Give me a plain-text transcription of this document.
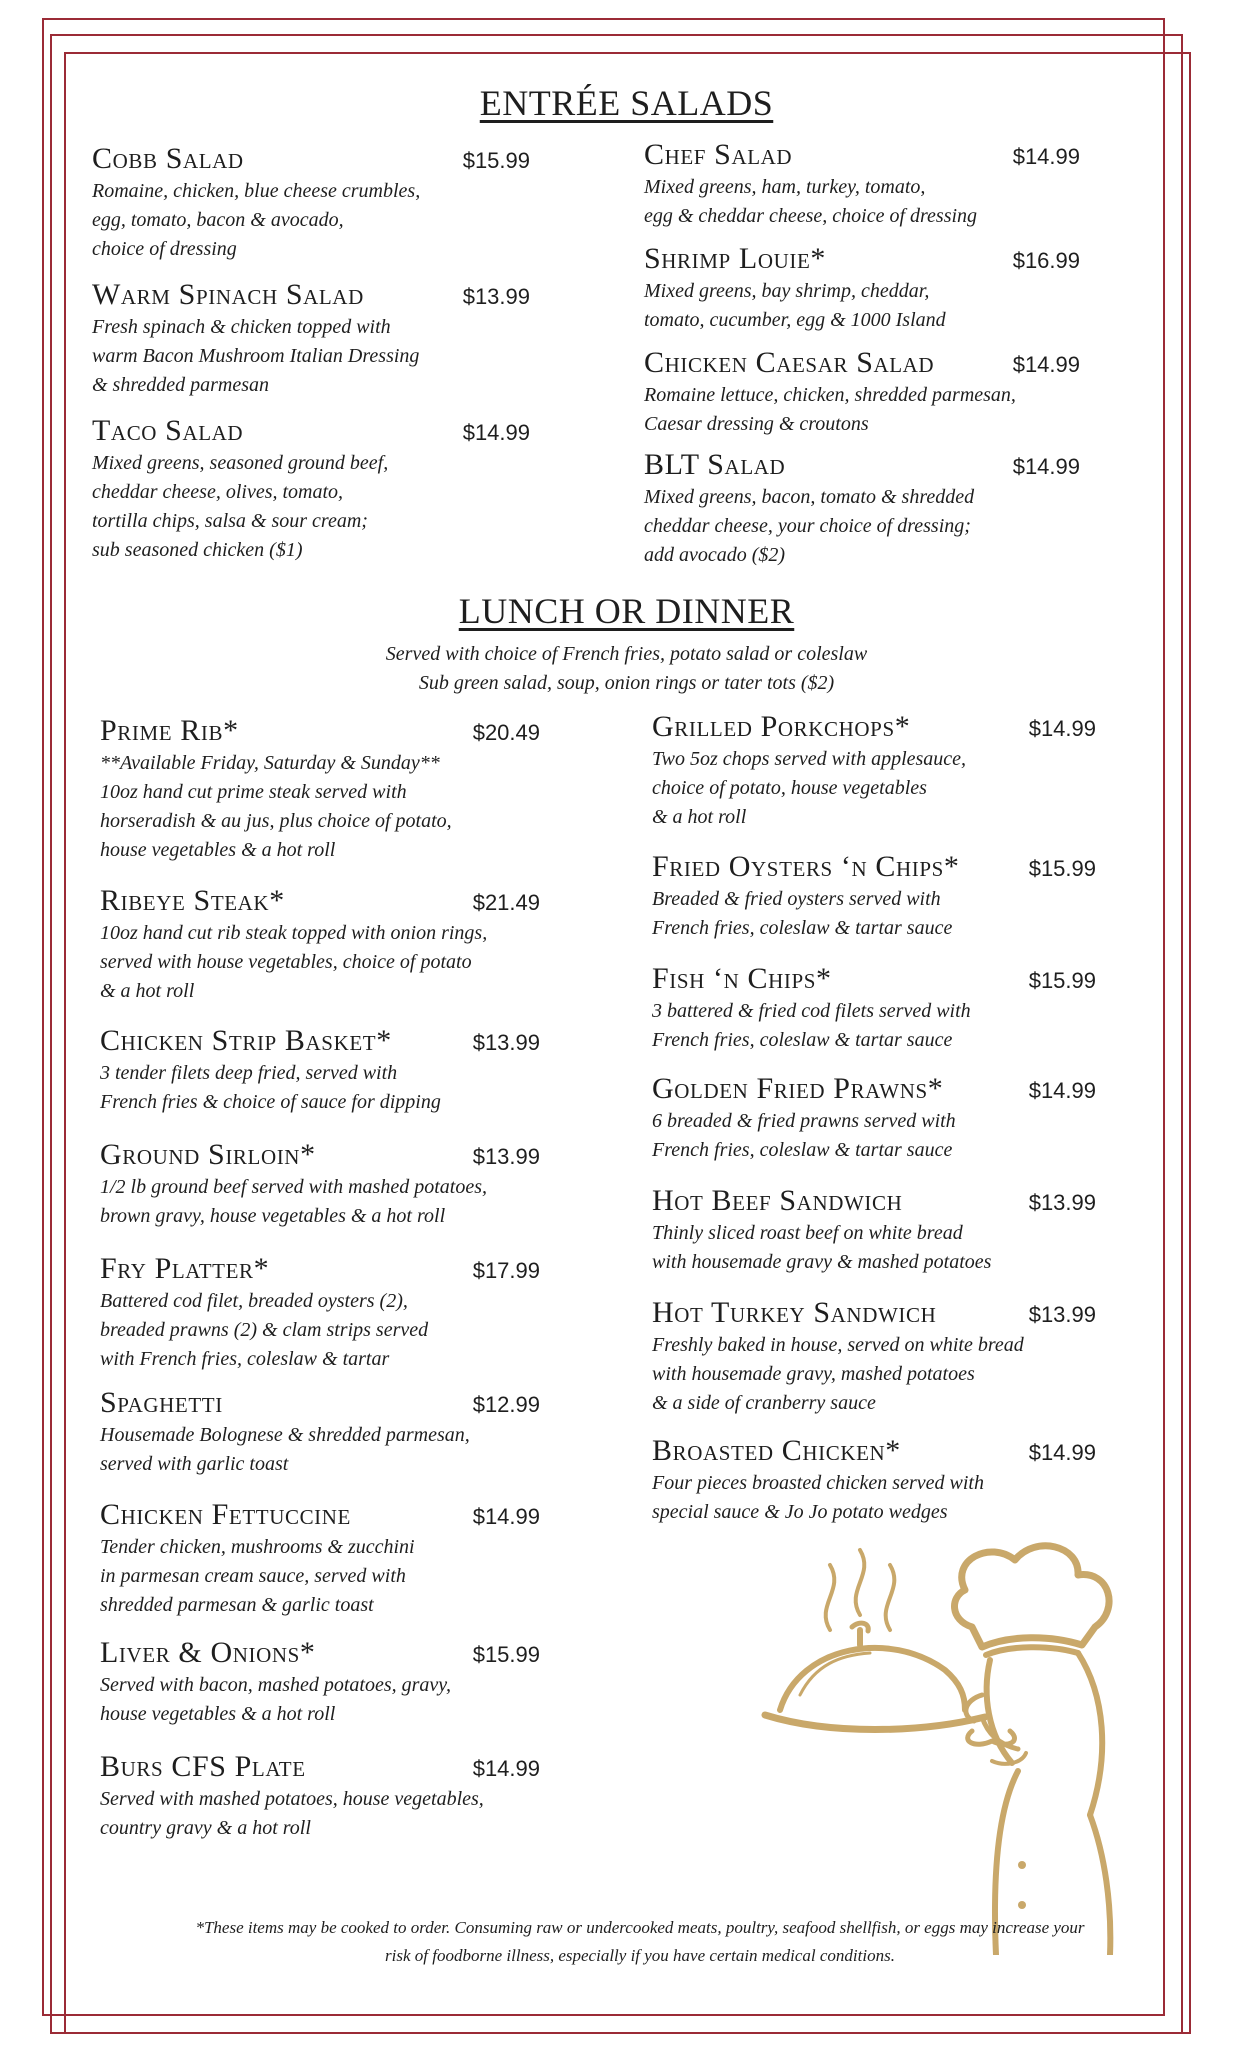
ENTRÉE SALADS
Cobb Salad	$15.99
Romaine, chicken, blue cheese crumbles,
egg, tomato, bacon & avocado,
choice of dressing
Warm Spinach Salad	$13.99
Fresh spinach & chicken topped with
warm Bacon Mushroom Italian Dressing
& shredded parmesan
Taco Salad	$14.99
Mixed greens, seasoned ground beef,
cheddar cheese, olives, tomato,
tortilla chips, salsa & sour cream;
sub seasoned chicken ($1)
Chef Salad	$14.99
Mixed greens, ham, turkey, tomato,
egg & cheddar cheese, choice of dressing
Shrimp Louie*	$16.99
Mixed greens, bay shrimp, cheddar,
tomato, cucumber, egg & 1000 Island
Chicken Caesar Salad	$14.99
Romaine lettuce, chicken, shredded parmesan,
Caesar dressing & croutons
BLT Salad	$14.99
Mixed greens, bacon, tomato & shredded
cheddar cheese, your choice of dressing;
add avocado ($2)
LUNCH OR DINNER
Served with choice of French fries, potato salad or coleslaw
Sub green salad, soup, onion rings or tater tots ($2)
Prime Rib*	$20.49
**Available Friday, Saturday & Sunday**
10oz hand cut prime steak served with
horseradish & au jus, plus choice of potato,
house vegetables & a hot roll
Ribeye Steak*	$21.49
10oz hand cut rib steak topped with onion rings,
served with house vegetables, choice of potato
& a hot roll
Chicken Strip Basket*	$13.99
3 tender filets deep fried, served with
French fries & choice of sauce for dipping
Ground Sirloin*	$13.99
1/2 lb ground beef served with mashed potatoes,
brown gravy, house vegetables & a hot roll
Fry Platter*	$17.99
Battered cod filet, breaded oysters (2),
breaded prawns (2) & clam strips served
with French fries, coleslaw & tartar
Spaghetti	$12.99
Housemade Bolognese & shredded parmesan,
served with garlic toast
Chicken Fettuccine	$14.99
Tender chicken, mushrooms & zucchini
in parmesan cream sauce, served with
shredded parmesan & garlic toast
Liver & Onions*	$15.99
Served with bacon, mashed potatoes, gravy,
house vegetables & a hot roll
Burs CFS Plate	$14.99
Served with mashed potatoes, house vegetables,
country gravy & a hot roll
Grilled Porkchops*	$14.99
Two 5oz chops served with applesauce,
choice of potato, house vegetables
& a hot roll
Fried Oysters ‘n Chips*	$15.99
Breaded & fried oysters served with
French fries, coleslaw & tartar sauce
Fish ‘n Chips*	$15.99
3 battered & fried cod filets served with
French fries, coleslaw & tartar sauce
Golden Fried Prawns*	$14.99
6 breaded & fried prawns served with
French fries, coleslaw & tartar sauce
Hot Beef Sandwich	$13.99
Thinly sliced roast beef on white bread
with housemade gravy & mashed potatoes
Hot Turkey Sandwich	$13.99
Freshly baked in house, served on white bread
with housemade gravy, mashed potatoes
& a side of cranberry sauce
Broasted Chicken*	$14.99
Four pieces broasted chicken served with
special sauce & Jo Jo potato wedges
*These items may be cooked to order. Consuming raw or undercooked meats, poultry, seafood shellfish, or eggs may increase your
risk of foodborne illness, especially if you have certain medical conditions.
